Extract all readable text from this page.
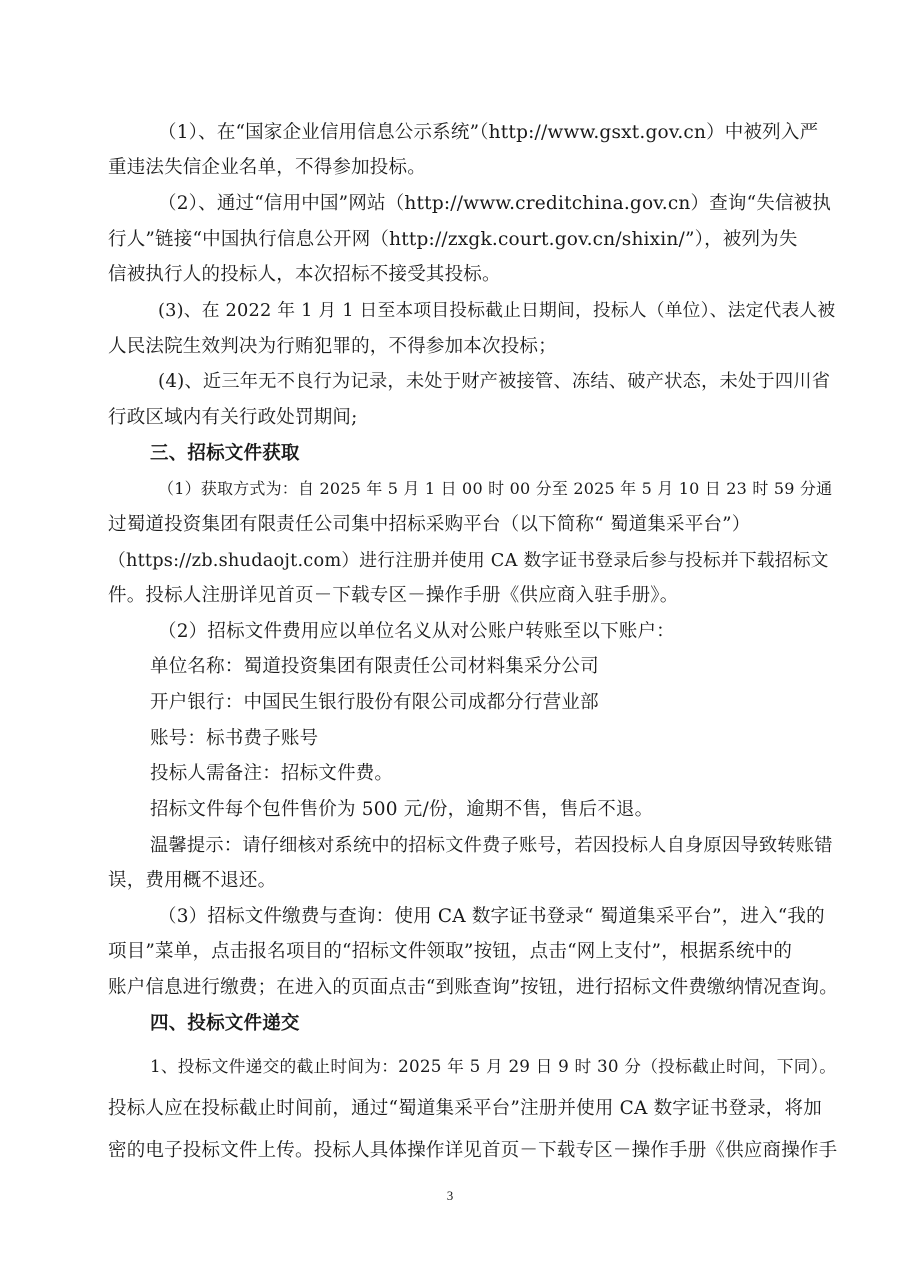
（1）、在“国家企业信用信息公示系统”（http://www.gsxt.gov.cn）中被列入严
重违法失信企业名单，不得参加投标。
（2）、通过“信用中国”网站（http://www.creditchina.gov.cn）查询“失信被执
行人”链接“中国执行信息公开网（http://zxgk.court.gov.cn/shixin/”），被列为失
信被执行人的投标人，本次招标不接受其投标。
(3)、在 2022 年 1 月 1 日至本项目投标截止日期间，投标人（单位）、法定代表人被
人民法院生效判决为行贿犯罪的，不得参加本次投标；
(4)、近三年无不良行为记录，未处于财产被接管、冻结、破产状态，未处于四川省
行政区域内有关行政处罚期间;
三、招标文件获取
（1）获取方式为：自 2025 年 5 月 1 日 00 时 00 分至 2025 年 5 月 10 日 23 时 59 分通
过蜀道投资集团有限责任公司集中招标采购平台（以下简称“ 蜀道集采平台”）
（https://zb.shudaojt.com）进行注册并使用 CA 数字证书登录后参与投标并下载招标文
件。投标人注册详见首页－下载专区－操作手册《供应商入驻手册》。
（2）招标文件费用应以单位名义从对公账户转账至以下账户：
单位名称：蜀道投资集团有限责任公司材料集采分公司
开户银行：中国民生银行股份有限公司成都分行营业部
账号：标书费子账号
投标人需备注：招标文件费。
招标文件每个包件售价为 500 元/份，逾期不售，售后不退。
温馨提示：请仔细核对系统中的招标文件费子账号，若因投标人自身原因导致转账错
误，费用概不退还。
（3）招标文件缴费与查询：使用 CA 数字证书登录“ 蜀道集采平台”，进入“我的
项目”菜单，点击报名项目的“招标文件领取”按钮，点击“网上支付”，根据系统中的
账户信息进行缴费；在进入的页面点击“到账查询”按钮，进行招标文件费缴纳情况查询。
四、投标文件递交
1、投标文件递交的截止时间为：2025 年 5 月 29 日 9 时 30 分（投标截止时间，下同）。
投标人应在投标截止时间前，通过“蜀道集采平台”注册并使用 CA 数字证书登录，将加
密的电子投标文件上传。投标人具体操作详见首页－下载专区－操作手册《供应商操作手
3
